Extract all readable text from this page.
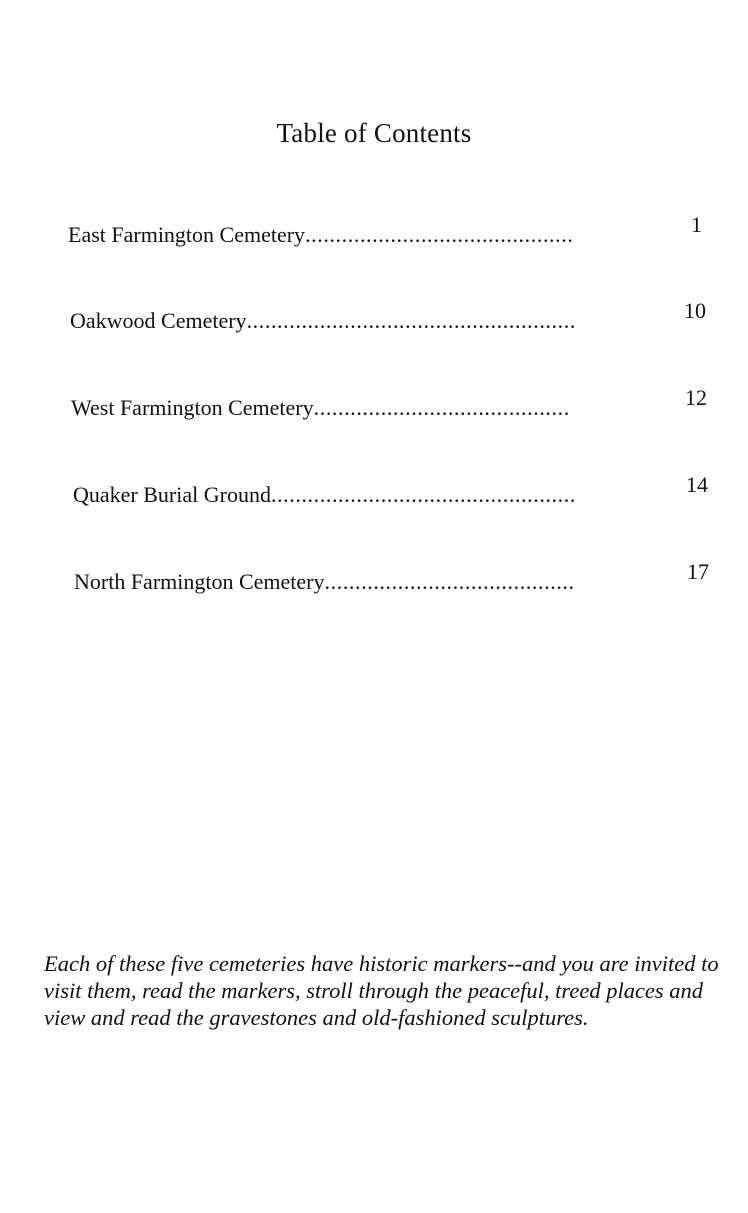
Table of Contents
East Farmington Cemetery............................................	1
Oakwood Cemetery......................................................	10
West Farmington Cemetery..........................................	12
Quaker Burial Ground..................................................	14
North Farmington Cemetery.........................................	17
Each of these five cemeteries have historic markers--and you are invited to visit them, read the markers, stroll through the peaceful, treed places and view and read the gravestones and old-fashioned sculptures.
